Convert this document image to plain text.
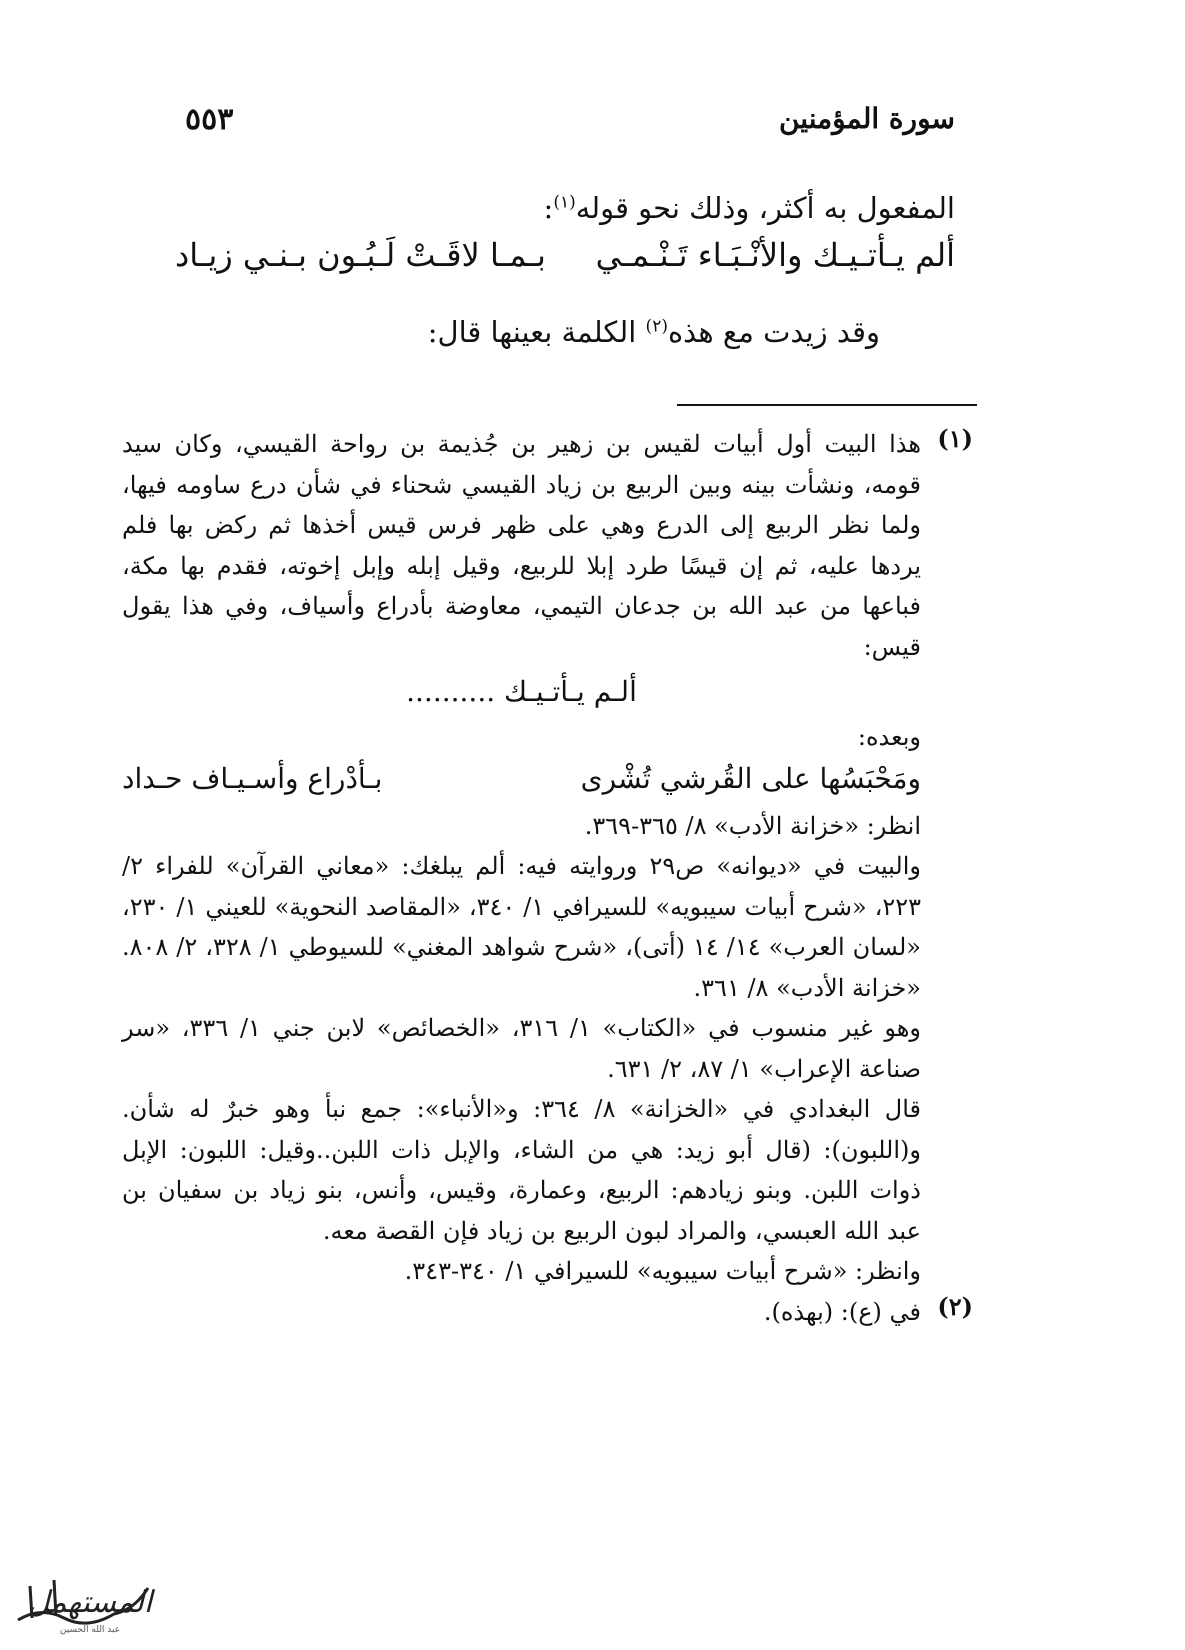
سورة المؤمنين
٥٥٣
المفعول به أكثر، وذلك نحو قوله$^{(١)}$:
ألم يـأتـيـك والأنْـبَـاء تَـنْـمـي
بـمـا لاقَـتْ لَـبُـون بـنـي زيـاد
وقد زيدت مع هذه$^{(٢)}$ الكلمة بعينها قال:
(١)
هذا البيت أول أبيات لقيس بن زهير بن جُذيمة بن رواحة القيسي، وكان سيد قومه، ونشأت بينه وبين الربيع بن زياد القيسي شحناء في شأن درع ساومه فيها، ولما نظر الربيع إلى الدرع وهي على ظهر فرس قيس أخذها ثم ركض بها فلم يردها عليه، ثم إن قيسًا طرد إبلا للربيع، وقيل إبله وإبل إخوته، فقدم بها مكة، فباعها من عبد الله بن جدعان التيمي، معاوضة بأدراع وأسياف، وفي هذا يقول قيس:
ألـم يـأتـيـك ..........
وبعده:
ومَحْبَسُها على القُرشي تُشْرى
بـأدْراع وأسـيـاف حـداد
انظر: «خزانة الأدب» ٨/ ٣٦٥-٣٦٩.
والبيت في «ديوانه» ص٢٩ وروايته فيه: ألم يبلغك: «معاني القرآن» للفراء ٢/ ٢٢٣، «شرح أبيات سيبويه» للسيرافي ١/ ٣٤٠، «المقاصد النحوية» للعيني ١/ ٢٣٠، «لسان العرب» ١٤/ ١٤ (أتى)، «شرح شواهد المغني» للسيوطي ١/ ٣٢٨، ٢/ ٨٠٨. «خزانة الأدب» ٨/ ٣٦١.
وهو غير منسوب في «الكتاب» ١/ ٣١٦، «الخصائص» لابن جني ١/ ٣٣٦، «سر صناعة الإعراب» ١/ ٨٧، ٢/ ٦٣١.
قال البغدادي في «الخزانة» ٨/ ٣٦٤: و«الأنباء»: جمع نبأ وهو خبرٌ له شأن. و(اللبون): (قال أبو زيد: هي من الشاء، والإبل ذات اللبن..وقيل: اللبون: الإبل ذوات اللبن. وبنو زيادهم: الربيع، وعمارة، وقيس، وأنس، بنو زياد بن سفيان بن عبد الله العبسي، والمراد لبون الربيع بن زياد فإن القصة معه.
وانظر: «شرح أبيات سيبويه» للسيرافي ١/ ٣٤٠-٣٤٣.
(٢)
في (ع): (بهذه).
المستهمل
عبد الله الحسين
